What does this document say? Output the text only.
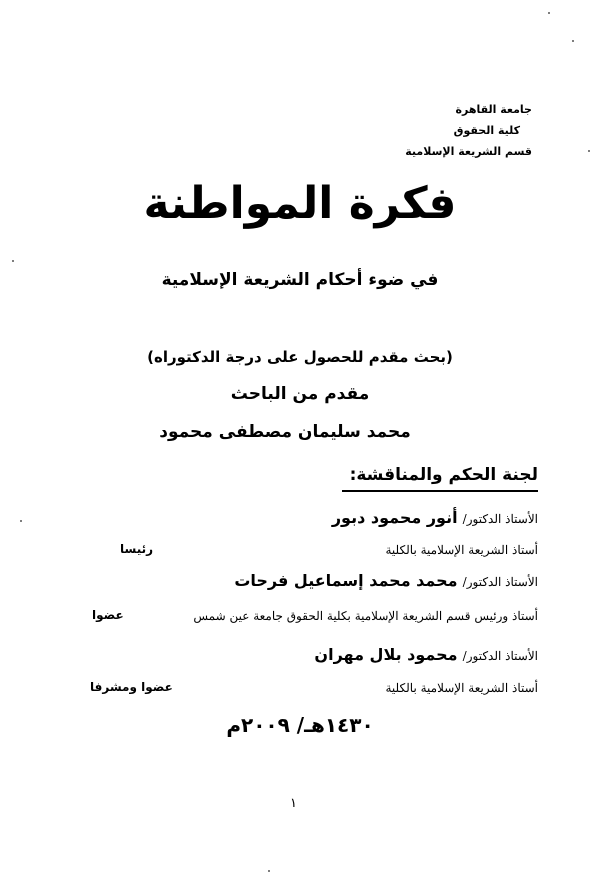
جامعة القاهرة
كلية الحقوق
قسم الشريعة الإسلامية
فكرة المواطنة
في ضوء أحكام الشريعة الإسلامية
(بحث مقدم للحصول على درجة الدكتوراه)
مقدم من الباحث
محمد سليمان مصطفى محمود
لجنة الحكم والمناقشة:
الأستاذ الدكتور/ أنور محمود دبور
أستاذ الشريعة الإسلامية بالكلية
رئيسا
الأستاذ الدكتور/ محمد محمد إسماعيل فرحات
أستاذ ورئيس قسم الشريعة الإسلامية بكلية الحقوق جامعة عين شمس
عضوا
الأستاذ الدكتور/ محمود بلال مهران
أستاذ الشريعة الإسلامية بالكلية
عضوا ومشرفا
١٤٣٠هـ/ ٢٠٠٩م
١
